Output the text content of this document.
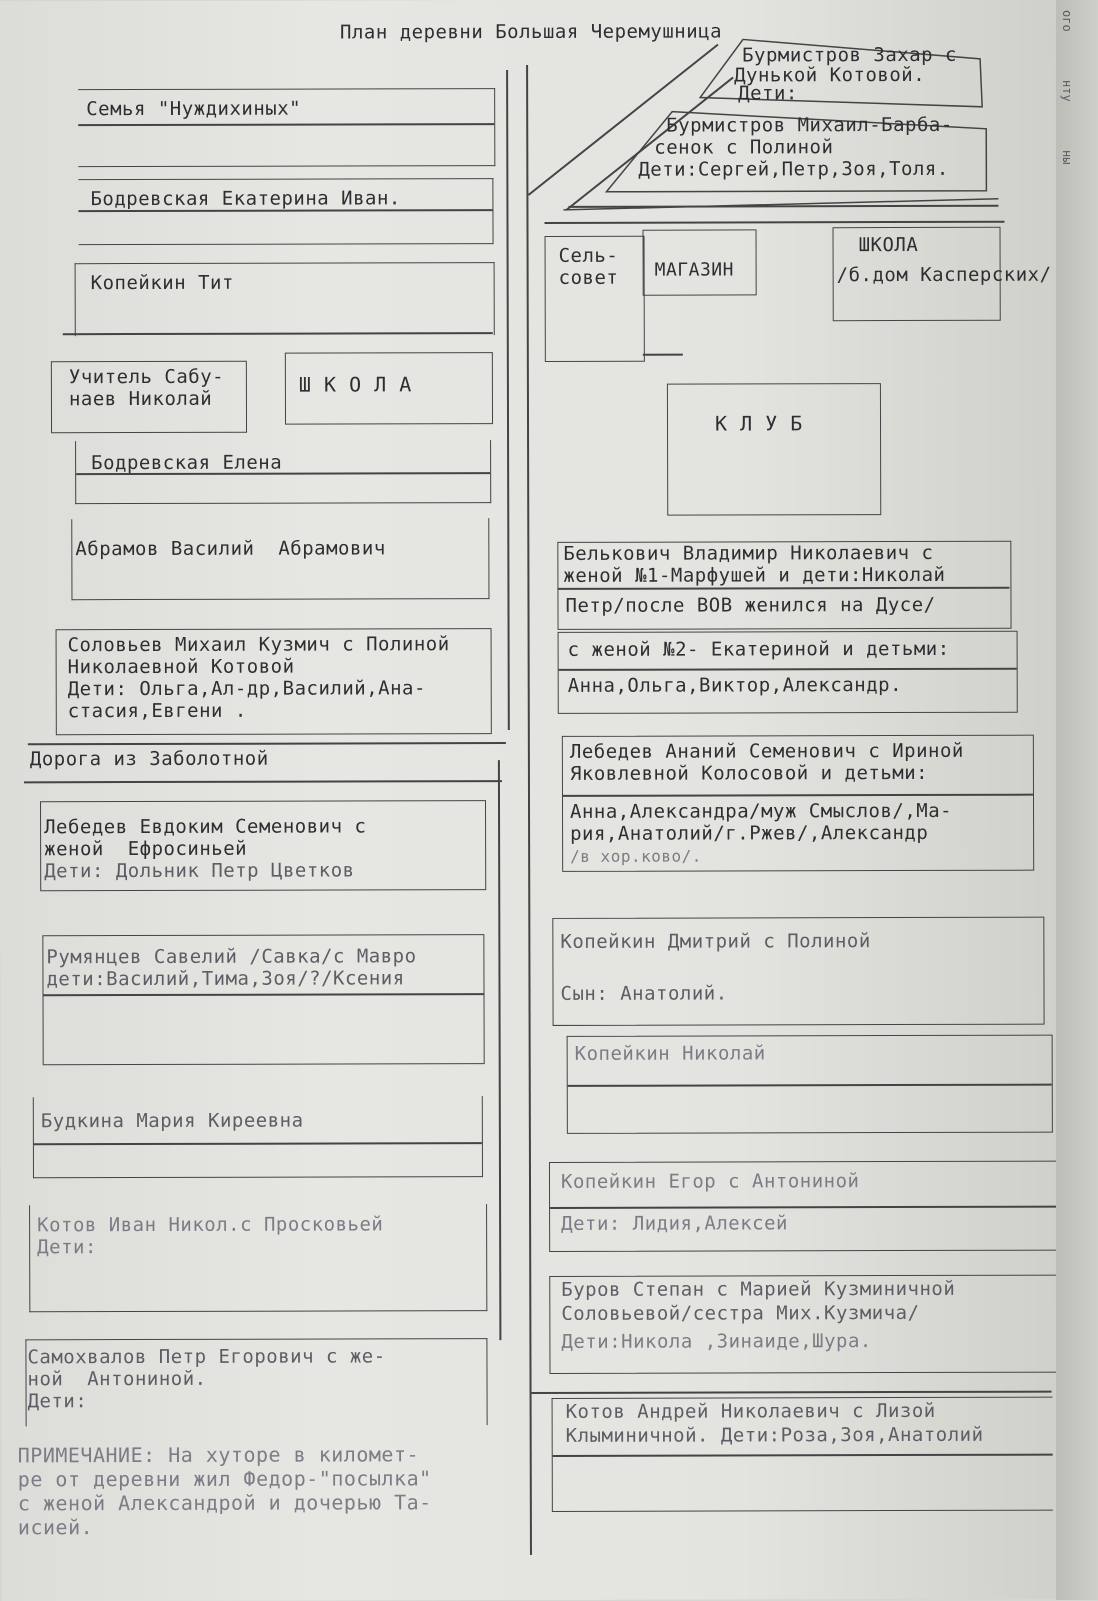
План деревни Большая Черемушница
Семья "Нуждихиных"
Бодревская Екатерина Иван.
Копейкин Тит
Учитель Сабу-
наев Николай
Ш К О Л А
Бодревская Елена
Абрамов Василий  Абрамович
Соловьев Михаил Кузмич с Полиной
Николаевной Котовой
Дети: Ольга,Ал-др,Василий,Ана-
стасия,Евгени .
Дорога из Заболотной
Лебедев Евдоким Семенович с
женой  Ефросиньей
Дети: Дольник Петр Цветков
Румянцев Савелий /Савка/с Мавро
дети:Василий,Тима,Зоя/?/Ксения
Будкина Мария Киреевна
Котов Иван Никол.с Просковьей
Дети:
Самохвалов Петр Егорович с же-
ной  Антониной.
Дети:
ПРИМЕЧАНИЕ: На хуторе в километ-
ре от деревни жил Федор-"посылка"
с женой Александрой и дочерью Та-
исией.
Бурмистров Захар с
Дунькой Котовой.
Дети:
Бурмистров Михаил-Барба-
сенок с Полиной
Дети:Сергей,Петр,Зоя,Толя.
Сель-
совет МАГАЗИН
ШКОЛА
/б.дом Касперских/
К Л У Б
Белькович Владимир Николаевич с
женой №1-Марфушей и дети:Николай
Петр/после ВОВ женился на Дусе/
с женой №2- Екатериной и детьми:
Анна,Ольга,Виктор,Александр.
Лебедев Ананий Семенович с Ириной
Яковлевной Колосовой и детьми:
Анна,Александра/муж Смыслов/,Ма-
рия,Анатолий/г.Ржев/,Александр
/в хор.ково/.
Копейкин Дмитрий с Полиной
Сын: Анатолий.
Копейкин Николай
Копейкин Егор с Антониной
Дети: Лидия,Алексей
Буров Степан с Марией Кузминичной
Соловьевой/сестра Мих.Кузмича/
Дети:Никола ,Зинаиде,Шура.
Котов Андрей Николаевич с Лизой
Клыминичной. Дети:Роза,Зоя,Анатолий
ого
нту
ны
